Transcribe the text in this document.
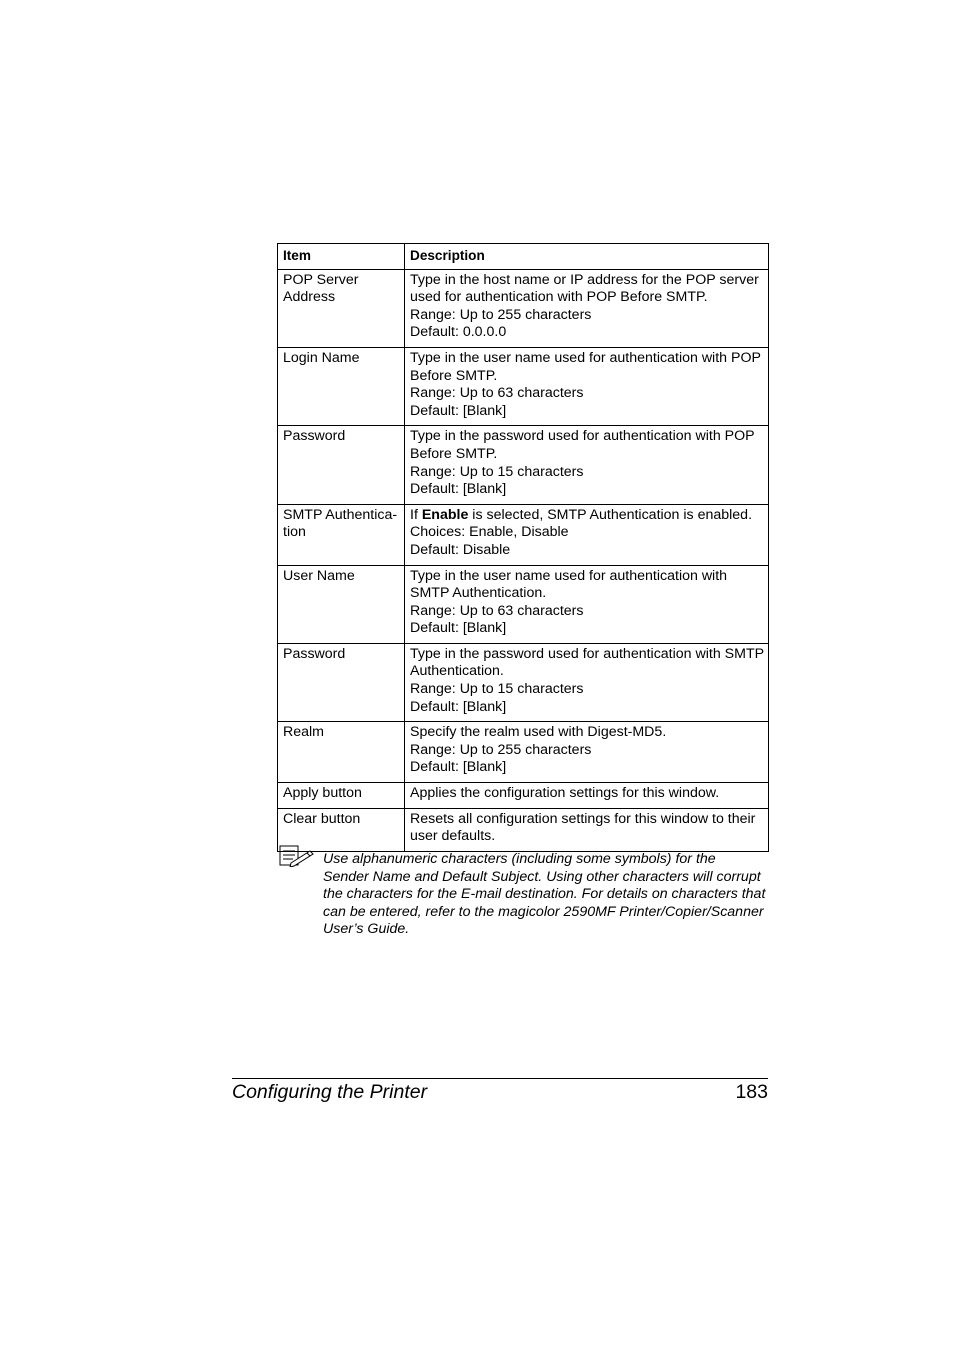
Item	Description

POP Server
Address	Type in the host name or IP address for the POP server
used for authentication with POP Before SMTP.
Range: Up to 255 characters
Default: 0.0.0.0

Login Name	Type in the user name used for authentication with POP
Before SMTP.
Range: Up to 63 characters
Default: [Blank]

Password	Type in the password used for authentication with POP
Before SMTP.
Range: Up to 15 characters
Default: [Blank]

SMTP Authentica-
tion	If Enable is selected, SMTP Authentication is enabled.
Choices: Enable, Disable
Default: Disable

User Name	Type in the user name used for authentication with
SMTP Authentication.
Range: Up to 63 characters
Default: [Blank]

Password	Type in the password used for authentication with SMTP
Authentication.
Range: Up to 15 characters
Default: [Blank]

Realm	Specify the realm used with Digest-MD5.
Range: Up to 255 characters
Default: [Blank]

Apply button	Applies the configuration settings for this window.

Clear button	Resets all configuration settings for this window to their
user defaults.
Use alphanumeric characters (including some symbols) for the
Sender Name and Default Subject. Using other characters will corrupt
the characters for the E-mail destination. For details on characters that
can be entered, refer to the magicolor 2590MF Printer/Copier/Scanner
User’s Guide.
Configuring the Printer	183
